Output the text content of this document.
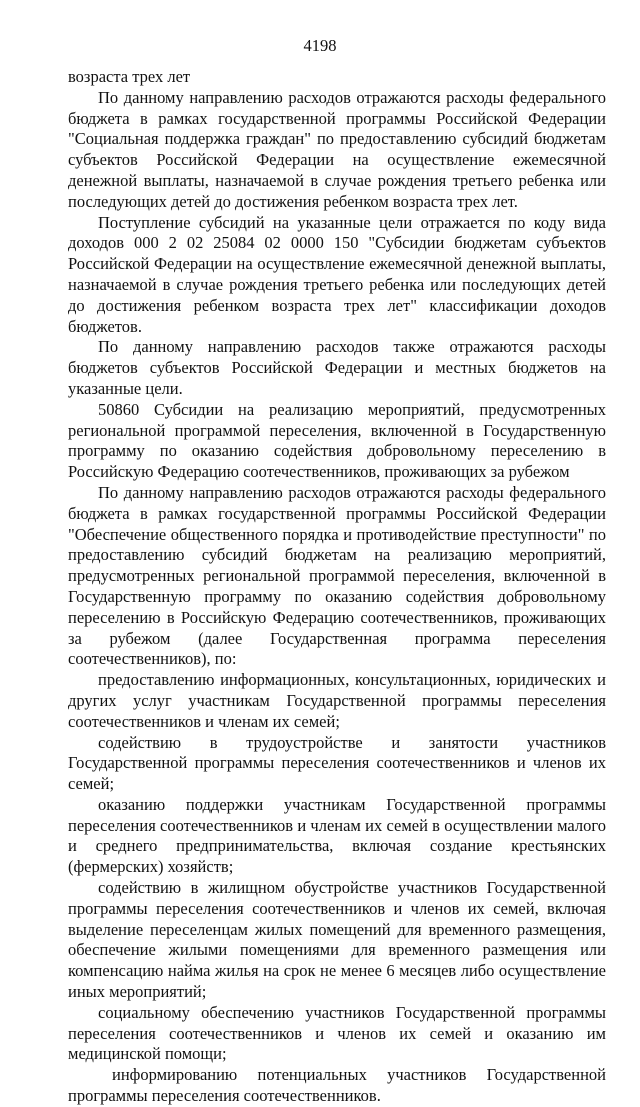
4198

возраста трех лет

По данному направлению расходов отражаются расходы федерального бюджета в рамках государственной программы Российской Федерации "Социальная поддержка граждан" по предоставлению субсидий бюджетам субъектов Российской Федерации на осуществление ежемесячной денежной выплаты, назначаемой в случае рождения третьего ребенка или последующих детей до достижения ребенком возраста трех лет.

Поступление субсидий на указанные цели отражается по коду вида доходов 000 2 02 25084 02 0000 150 "Субсидии бюджетам субъектов Российской Федерации на осуществление ежемесячной денежной выплаты, назначаемой в случае рождения третьего ребенка или последующих детей до достижения ребенком возраста трех лет" классификации доходов бюджетов.

По данному направлению расходов также отражаются расходы бюджетов субъектов Российской Федерации и местных бюджетов на указанные цели.

50860 Субсидии на реализацию мероприятий, предусмотренных региональной программой переселения, включенной в Государственную программу по оказанию содействия добровольному переселению в Российскую Федерацию соотечественников, проживающих за рубежом

По данному направлению расходов отражаются расходы федерального бюджета в рамках государственной программы Российской Федерации "Обеспечение общественного порядка и противодействие преступности" по предоставлению субсидий бюджетам на реализацию мероприятий, предусмотренных региональной программой переселения, включенной в Государственную программу по оказанию содействия добровольному переселению в Российскую Федерацию соотечественников, проживающих за рубежом (далее Государственная программа переселения соотечественников), по:

предоставлению информационных, консультационных, юридических и других услуг участникам Государственной программы переселения соотечественников и членам их семей;

содействию в трудоустройстве и занятости участников Государственной программы переселения соотечественников и членов их семей;

оказанию поддержки участникам Государственной программы переселения соотечественников и членам их семей в осуществлении малого и среднего предпринимательства, включая создание крестьянских (фермерских) хозяйств;

содействию в жилищном обустройстве участников Государственной программы переселения соотечественников и членов их семей, включая выделение переселенцам жилых помещений для временного размещения, обеспечение жилыми помещениями для временного размещения или компенсацию найма жилья на срок не менее 6 месяцев либо осуществление иных мероприятий;

социальному обеспечению участников Государственной программы переселения соотечественников и членов их семей и оказанию им медицинской помощи;

информированию потенциальных участников Государственной программы переселения соотечественников.
